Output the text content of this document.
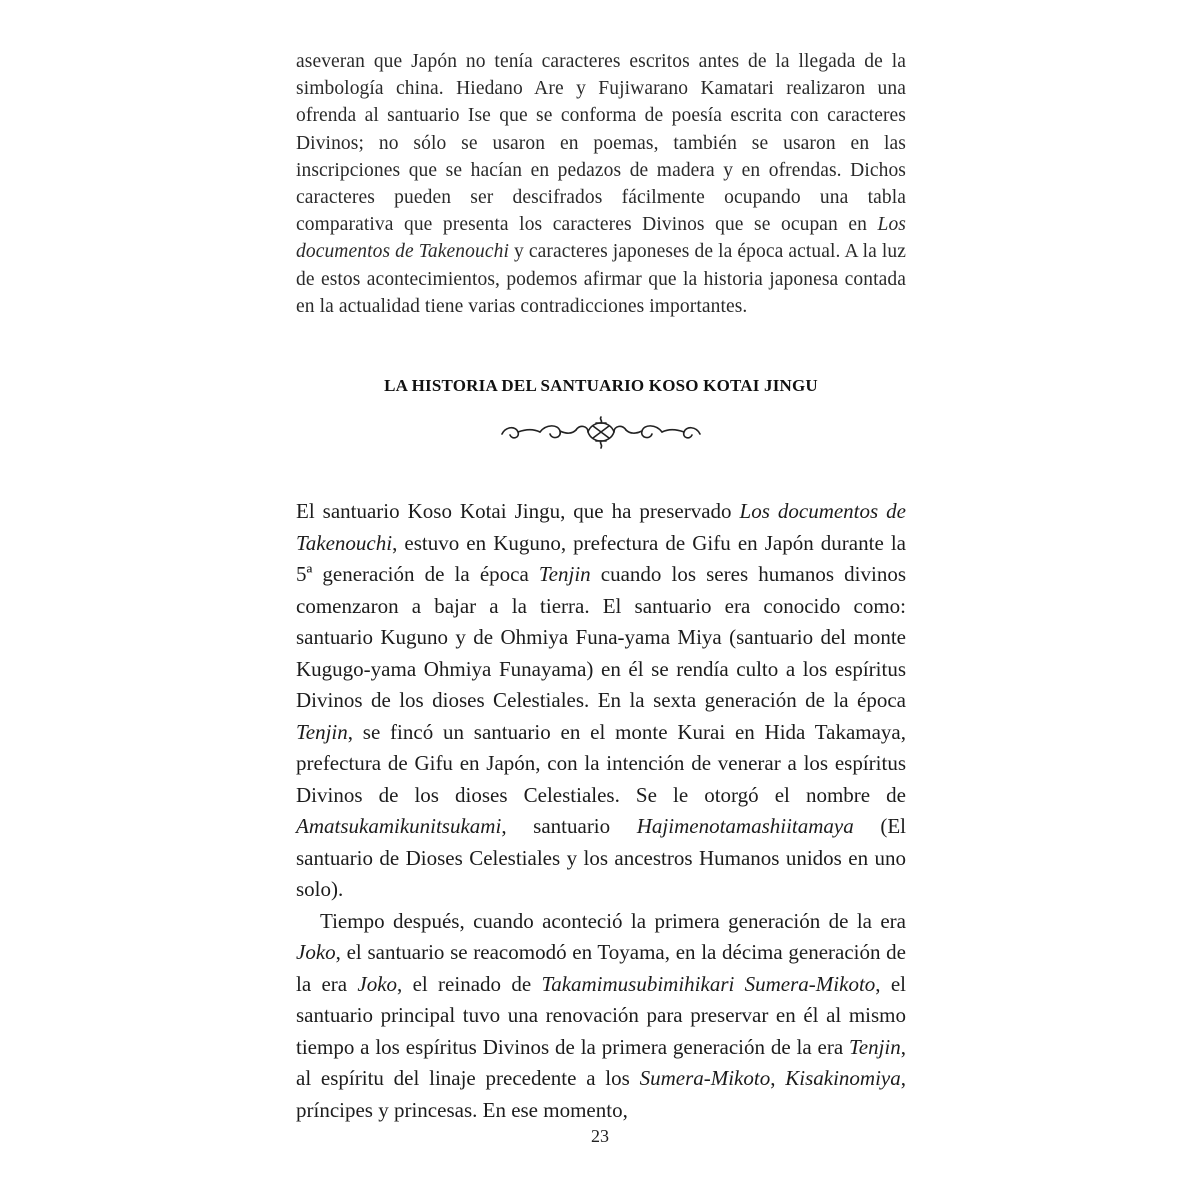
aseveran que Japón no tenía caracteres escritos antes de la llegada de la simbología china. Hiedano Are y Fujiwarano Kamatari realizaron una ofrenda al santuario Ise que se conforma de poesía escrita con caracteres Divinos; no sólo se usaron en poemas, también se usaron en las inscripciones que se hacían en pedazos de madera y en ofrendas. Dichos caracteres pueden ser descifrados fácilmente ocupando una tabla comparativa que presenta los caracteres Divinos que se ocupan en Los documentos de Takenouchi y caracteres japoneses de la época actual. A la luz de estos acontecimientos, podemos afirmar que la historia japonesa contada en la actualidad tiene varias contradicciones importantes.

LA HISTORIA DEL SANTUARIO KOSO KOTAI JINGU

El santuario Koso Kotai Jingu, que ha preservado Los documentos de Takenouchi, estuvo en Kuguno, prefectura de Gifu en Japón durante la 5ª generación de la época Tenjin cuando los seres humanos divinos comenzaron a bajar a la tierra. El santuario era conocido como: santuario Kuguno y de Ohmiya Funa-yama Miya (santuario del monte Kugugo-yama Ohmiya Funayama) en él se rendía culto a los espíritus Divinos de los dioses Celestiales. En la sexta generación de la época Tenjin, se fincó un santuario en el monte Kurai en Hida Takamaya, prefectura de Gifu en Japón, con la intención de venerar a los espíritus Divinos de los dioses Celestiales. Se le otorgó el nombre de Amatsukamikunitsukami, santuario Hajimenotamashiitamaya (El santuario de Dioses Celestiales y los ancestros Humanos unidos en uno solo).

Tiempo después, cuando aconteció la primera generación de la era Joko, el santuario se reacomodó en Toyama, en la décima generación de la era Joko, el reinado de Takamimusubimihikari Sumera-Mikoto, el santuario principal tuvo una renovación para preservar en él al mismo tiempo a los espíritus Divinos de la primera generación de la era Tenjin, al espíritu del linaje precedente a los Sumera-Mikoto, Kisakinomiya, príncipes y princesas. En ese momento,

23
